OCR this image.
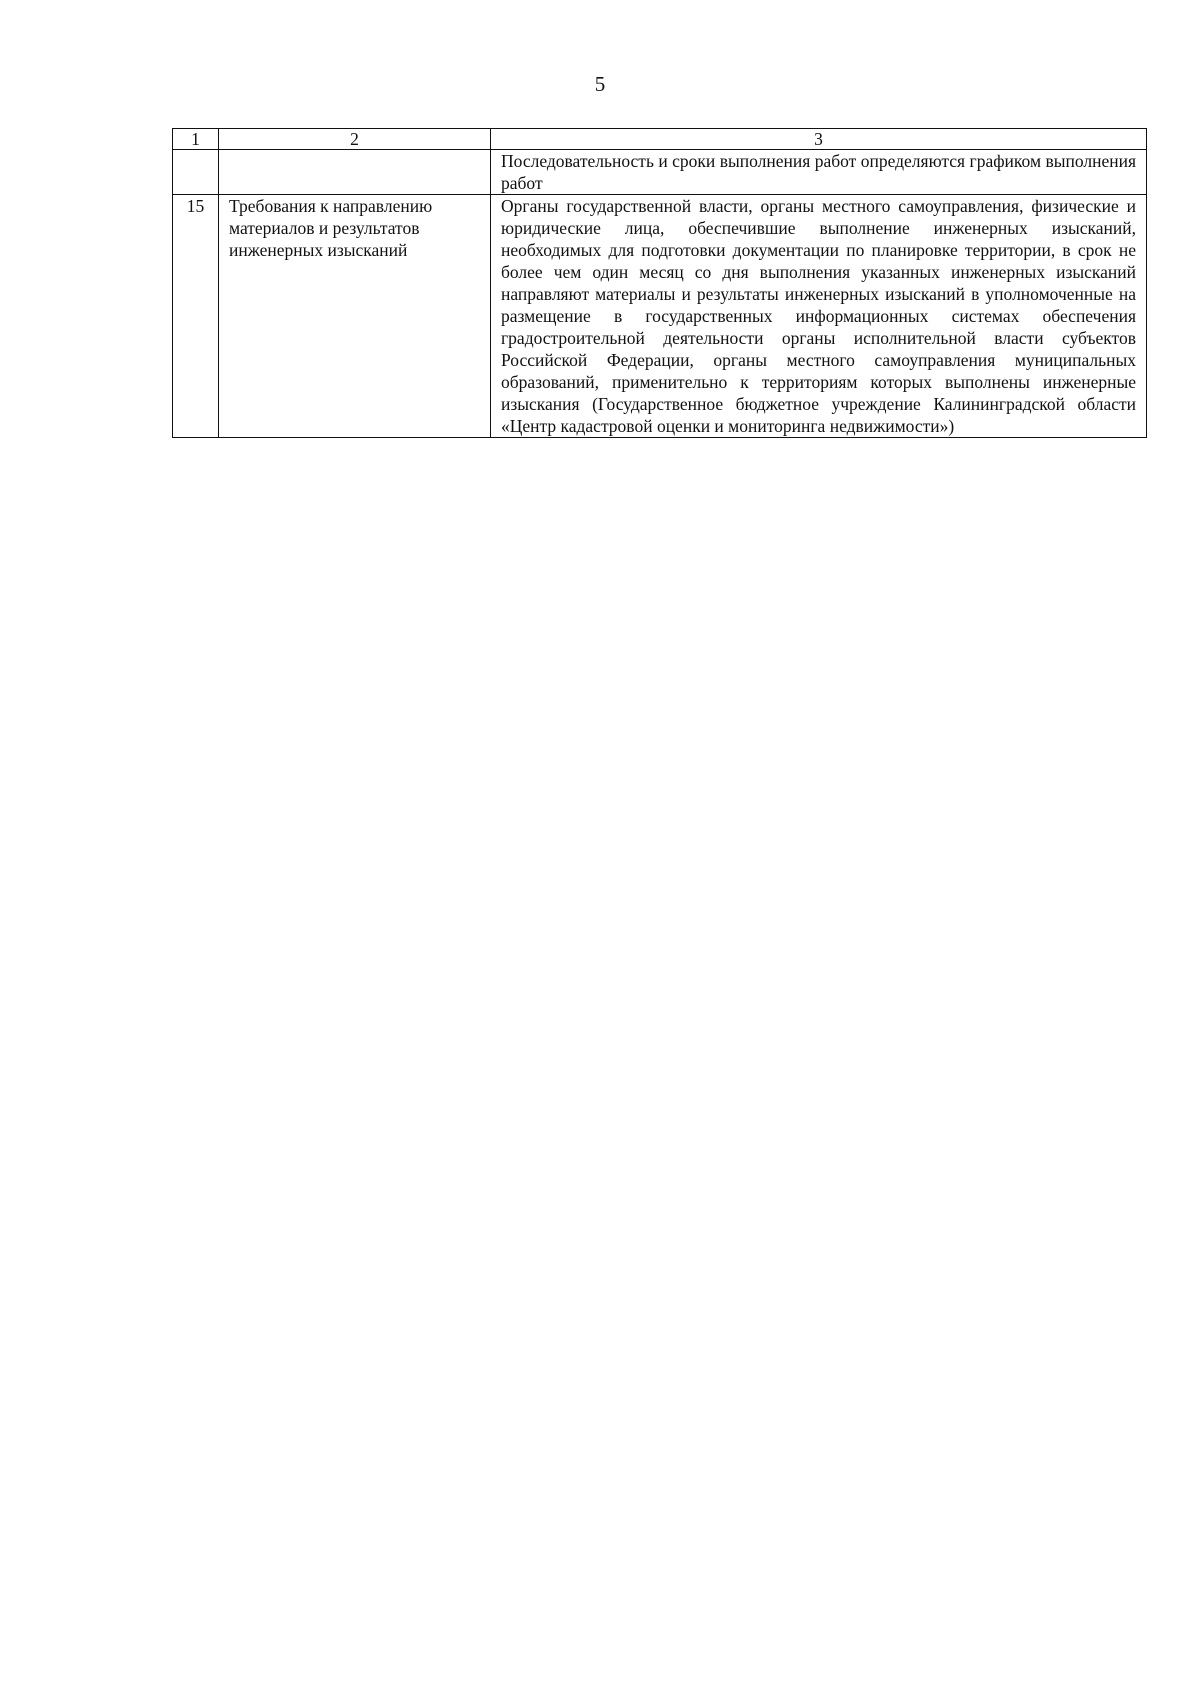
5
1	2	3
		Последовательность и сроки выполнения работ определяются графиком выполнения работ
15	Требования к направлению материалов и результатов инженерных изысканий	Органы государственной власти, органы местного самоуправления, физические и юридические лица, обеспечившие выполнение инженерных изысканий, необходимых для подготовки документации по планировке территории, в срок не более чем один месяц со дня выполнения указанных инженерных изысканий направляют материалы и результаты инженерных изысканий в уполномоченные на размещение в государственных информационных системах обеспечения градостроительной деятельности органы исполнительной власти субъектов Российской Федерации, органы местного самоуправления муниципальных образований, применительно к территориям которых выполнены инженерные изыскания (Государственное бюджетное учреждение Калининградской области «Центр кадастровой оценки и мониторинга недвижимости»)
